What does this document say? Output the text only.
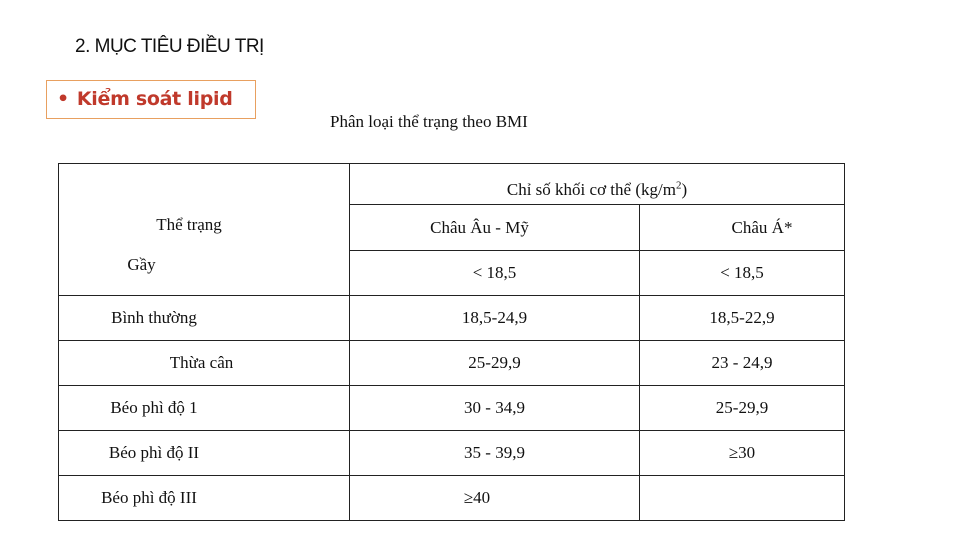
2. MỤC TIÊU ĐIỀU TRỊ
• Kiểm soát lipid
Phân loại thể trạng theo BMI
	Chỉ số khối cơ thể $(kg/m^2)$	
Thể trạng	Châu Âu - Mỹ	Châu Á*
Gầy	< 18,5	< 18,5
Bình thường	18,5-24,9	18,5-22,9
Thừa cân	25-29,9	23 - 24,9
Béo phì độ 1	30 - 34,9	25-29,9
Béo phì độ II	35 - 39,9	≥30
Béo phì độ III	≥40	
